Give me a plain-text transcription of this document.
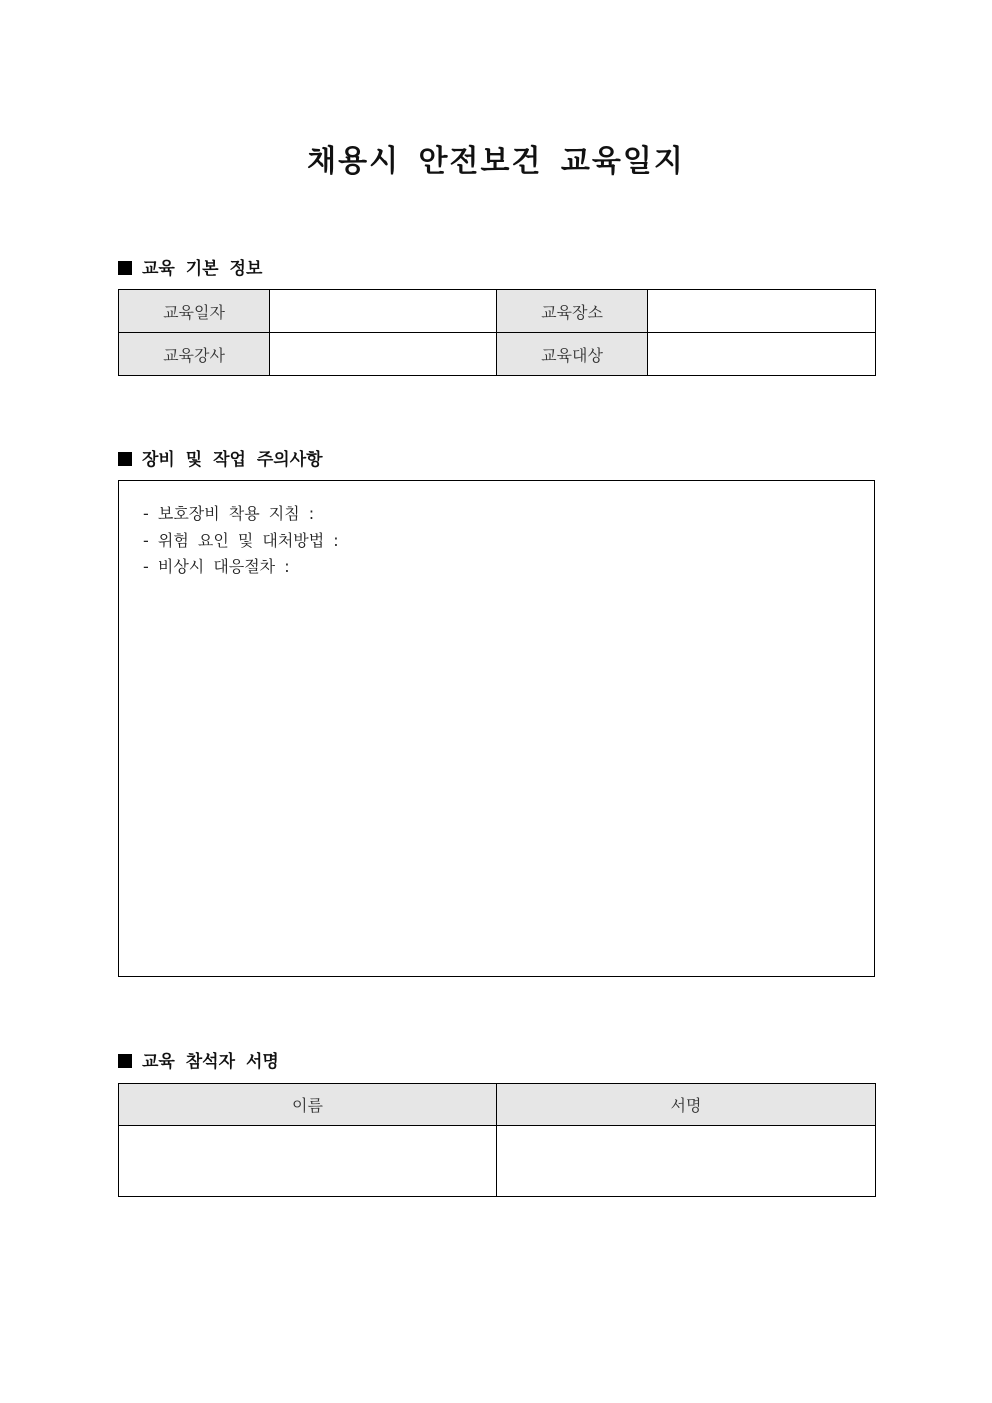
채용시 안전보건 교육일지
교육 기본 정보
교육일자		교육장소	
교육강사		교육대상	
장비 및 작업 주의사항
- 보호장비 착용 지침 :
- 위험 요인 및 대처방법 :
- 비상시 대응절차 :
교육 참석자 서명
이름	서명
